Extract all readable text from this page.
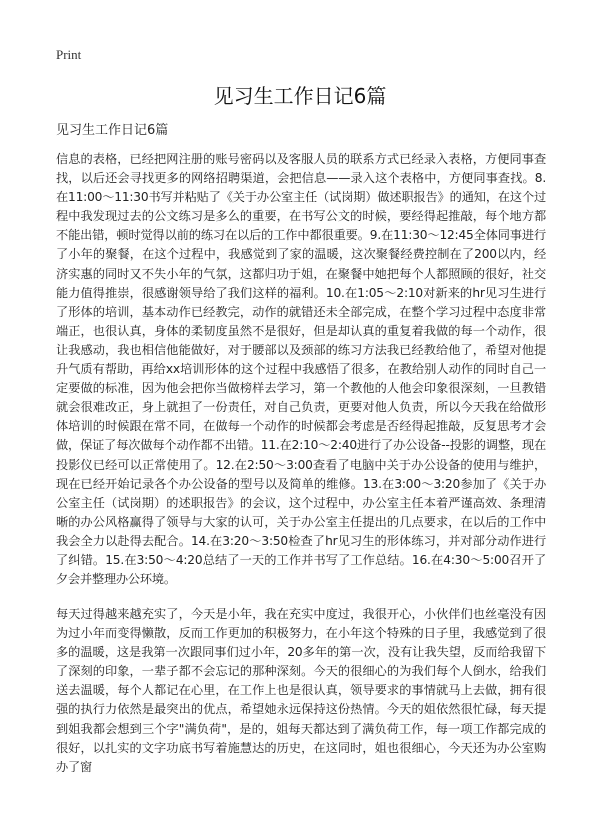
Print
见习生工作日记6篇
见习生工作日记6篇

信息的表格，已经把网注册的账号密码以及客服人员的联系方式已经录入表格，方便同事查找，以后还会寻找更多的网络招聘渠道，会把信息——录入这个表格中，方便同事查找。8.在11:00～11:30书写并粘贴了《关于办公室主任（试岗期）做述职报告》的通知，在这个过程中我发现过去的公文练习是多么的重要，在书写公文的时候，要经得起推敲，每个地方都不能出错，顿时觉得以前的练习在以后的工作中都很重要。9.在11:30～12:45全体同事进行了小年的聚餐，在这个过程中，我感觉到了家的温暖，这次聚餐经费控制在了200以内，经济实惠的同时又不失小年的气氛，这都归功于姐，在聚餐中她把每个人都照顾的很好，社交能力值得推崇，很感谢领导给了我们这样的福利。10.在1:05～2:10对新来的hr见习生进行了形体的培训，基本动作已经教完，动作的就错还未全部完成，在整个学习过程中态度非常端正，也很认真，身体的柔韧度虽然不是很好，但是却认真的重复着我做的每一个动作，很让我感动，我也相信他能做好，对于腰部以及颈部的练习方法我已经教给他了，希望对他提升气质有帮助，再给xx培训形体的这个过程中我感悟了很多，在教给别人动作的同时自己一定要做的标准，因为他会把你当做榜样去学习，第一个教他的人他会印象很深刻，一旦教错就会很难改正，身上就担了一份责任，对自己负责，更要对他人负责，所以今天我在给做形体培训的时候跟在常不同，在做每一个动作的时候都会考虑是否经得起推敲，反复思考才会做，保证了每次做每个动作都不出错。11.在2:10～2:40进行了办公设备--投影的调整，现在投影仪已经可以正常使用了。12.在2:50～3:00查看了电脑中关于办公设备的使用与维护，现在已经开始记录各个办公设备的型号以及简单的维修。13.在3:00～3:20参加了《关于办公室主任（试岗期）的述职报告》的会议，这个过程中，办公室主任本着严谨高效、条理清晰的办公风格赢得了领导与大家的认可，关于办公室主任提出的几点要求，在以后的工作中我会全力以赴得去配合。14.在3:20～3:50检查了hr见习生的形体练习，并对部分动作进行了纠错。15.在3:50～4:20总结了一天的工作并书写了工作总结。16.在4:30～5:00召开了夕会并整理办公环境。

每天过得越来越充实了，今天是小年，我在充实中度过，我很开心，小伙伴们也丝毫没有因为过小年而变得懒散，反而工作更加的积极努力，在小年这个特殊的日子里，我感觉到了很多的温暖，这是我第一次跟同事们过小年，20多年的第一次，没有让我失望，反而给我留下了深刻的印象，一辈子都不会忘记的那种深刻。今天的很细心的为我们每个人倒水，给我们送去温暖，每个人都记在心里，在工作上也是很认真，领导要求的事情就马上去做，拥有很强的执行力依然是最突出的优点，希望她永远保持这份热情。今天的姐依然很忙碌，每天提到姐我都会想到三个字"满负荷"，是的，姐每天都达到了满负荷工作，每一项工作都完成的很好，以扎实的文字功底书写着施慧达的历史，在这同时，姐也很细心，今天还为办公室购办了窗
